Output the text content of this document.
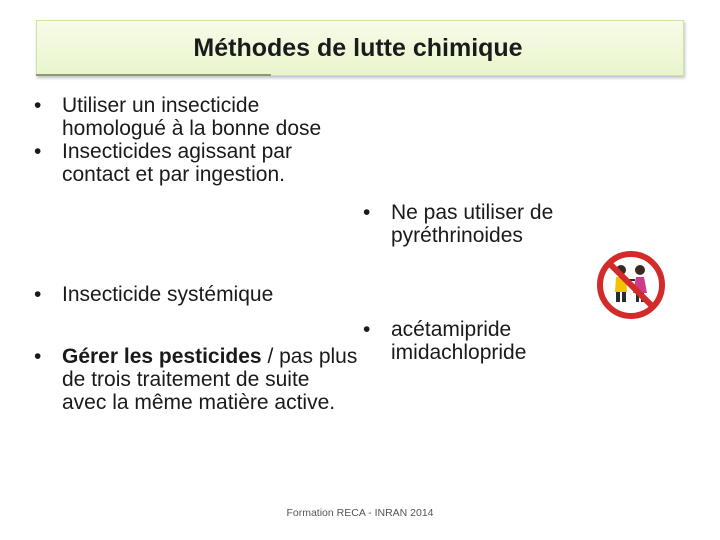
Méthodes de lutte chimique
• Utiliser un insecticide homologué à la bonne dose
• Insecticides agissant par contact et par ingestion.
• Insecticide systémique
• Gérer les pesticides / pas plus de trois traitement de suite avec la même matière active.
• Ne pas utiliser de pyréthrinoides
• acétamipride imidachlopride
Formation RECA - INRAN 2014
